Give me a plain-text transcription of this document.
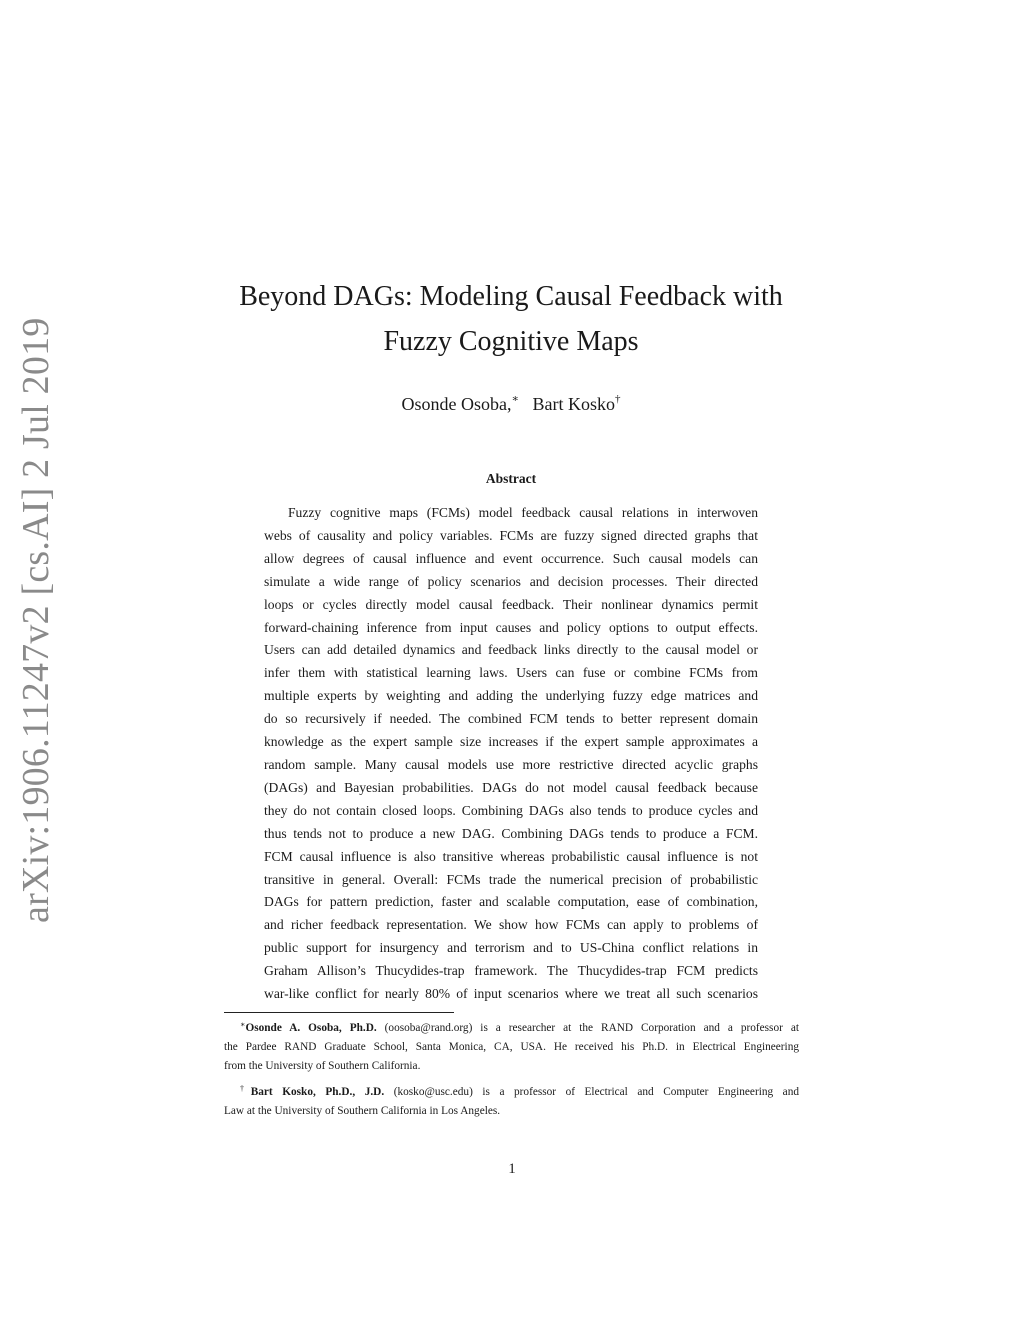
arXiv:1906.11247v2 [cs.AI] 2 Jul 2019
Beyond DAGs: Modeling Causal Feedback with
Fuzzy Cognitive Maps
Osonde Osoba,∗ Bart Kosko†
Abstract
Fuzzy cognitive maps (FCMs) model feedback causal relations in interwoven
webs of causality and policy variables. FCMs are fuzzy signed directed graphs that
allow degrees of causal influence and event occurrence. Such causal models can
simulate a wide range of policy scenarios and decision processes. Their directed
loops or cycles directly model causal feedback. Their nonlinear dynamics permit
forward-chaining inference from input causes and policy options to output effects.
Users can add detailed dynamics and feedback links directly to the causal model or
infer them with statistical learning laws. Users can fuse or combine FCMs from
multiple experts by weighting and adding the underlying fuzzy edge matrices and
do so recursively if needed. The combined FCM tends to better represent domain
knowledge as the expert sample size increases if the expert sample approximates a
random sample. Many causal models use more restrictive directed acyclic graphs
(DAGs) and Bayesian probabilities. DAGs do not model causal feedback because
they do not contain closed loops. Combining DAGs also tends to produce cycles and
thus tends not to produce a new DAG. Combining DAGs tends to produce a FCM.
FCM causal influence is also transitive whereas probabilistic causal influence is not
transitive in general. Overall: FCMs trade the numerical precision of probabilistic
DAGs for pattern prediction, faster and scalable computation, ease of combination,
and richer feedback representation. We show how FCMs can apply to problems of
public support for insurgency and terrorism and to US-China conflict relations in
Graham Allison’s Thucydides-trap framework. The Thucydides-trap FCM predicts
war-like conflict for nearly 80% of input scenarios where we treat all such scenarios
∗Osonde A. Osoba, Ph.D. (oosoba@rand.org) is a researcher at the RAND Corporation and a professor at
the Pardee RAND Graduate School, Santa Monica, CA, USA. He received his Ph.D. in Electrical Engineering
from the University of Southern California.
†Bart Kosko, Ph.D., J.D. (kosko@usc.edu) is a professor of Electrical and Computer Engineering and
Law at the University of Southern California in Los Angeles.
1
